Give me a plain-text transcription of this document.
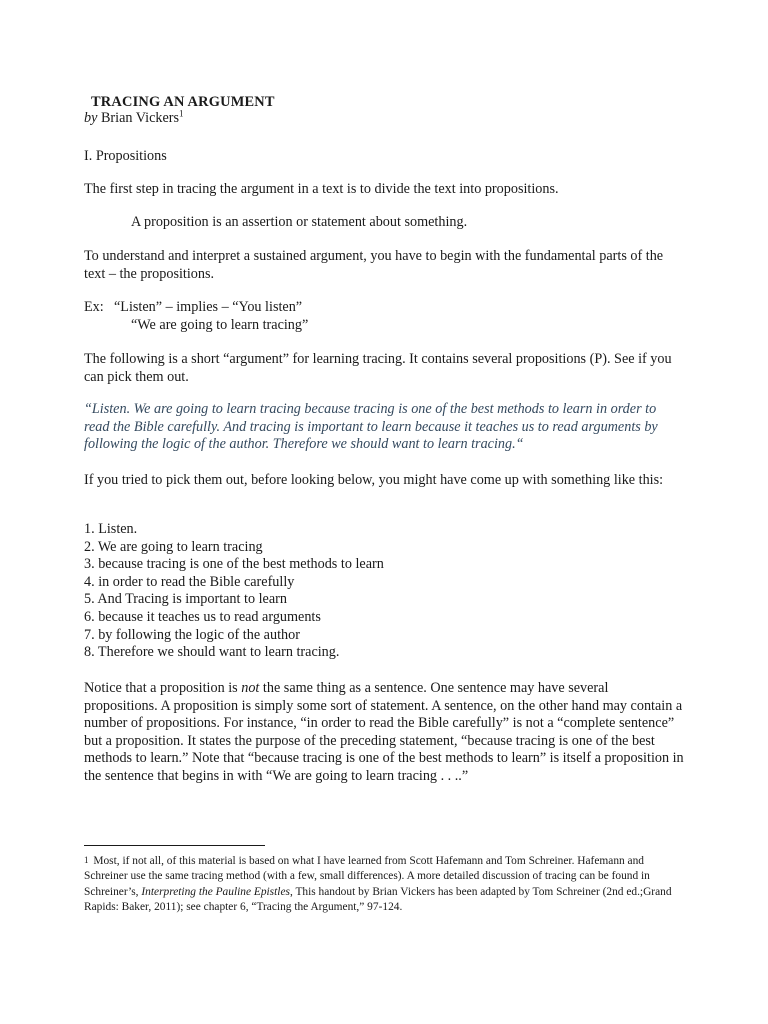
TRACING AN ARGUMENT
by Brian Vickers$^1$
I. Propositions
The first step in tracing the argument in a text is to divide the text into propositions.
A proposition is an assertion or statement about something.
To understand and interpret a sustained argument, you have to begin with the fundamental parts of the text – the propositions.
Ex: “Listen” – implies – “You listen”
“We are going to learn tracing”
The following is a short “argument” for learning tracing. It contains several propositions (P). See if you can pick them out.
“Listen. We are going to learn tracing because tracing is one of the best methods to learn in order to read the Bible carefully. And tracing is important to learn because it teaches us to read arguments by following the logic of the author. Therefore we should want to learn tracing.“
If you tried to pick them out, before looking below, you might have come up with something like this:
1. Listen.
2. We are going to learn tracing
3. because tracing is one of the best methods to learn
4. in order to read the Bible carefully
5. And Tracing is important to learn
6. because it teaches us to read arguments
7. by following the logic of the author
8. Therefore we should want to learn tracing.
Notice that a proposition is not the same thing as a sentence. One sentence may have several propositions. A proposition is simply some sort of statement. A sentence, on the other hand may contain a number of propositions. For instance, “in order to read the Bible carefully” is not a “complete sentence” but a proposition. It states the purpose of the preceding statement, “because tracing is one of the best methods to learn.” Note that “because tracing is one of the best methods to learn” is itself a proposition in the sentence that begins in with “We are going to learn tracing . . ..”
1 Most, if not all, of this material is based on what I have learned from Scott Hafemann and Tom Schreiner. Hafemann and Schreiner use the same tracing method (with a few, small differences). A more detailed discussion of tracing can be found in Schreiner’s, Interpreting the Pauline Epistles, This handout by Brian Vickers has been adapted by Tom Schreiner (2nd ed.;Grand Rapids: Baker, 2011); see chapter 6, “Tracing the Argument,” 97-124.
